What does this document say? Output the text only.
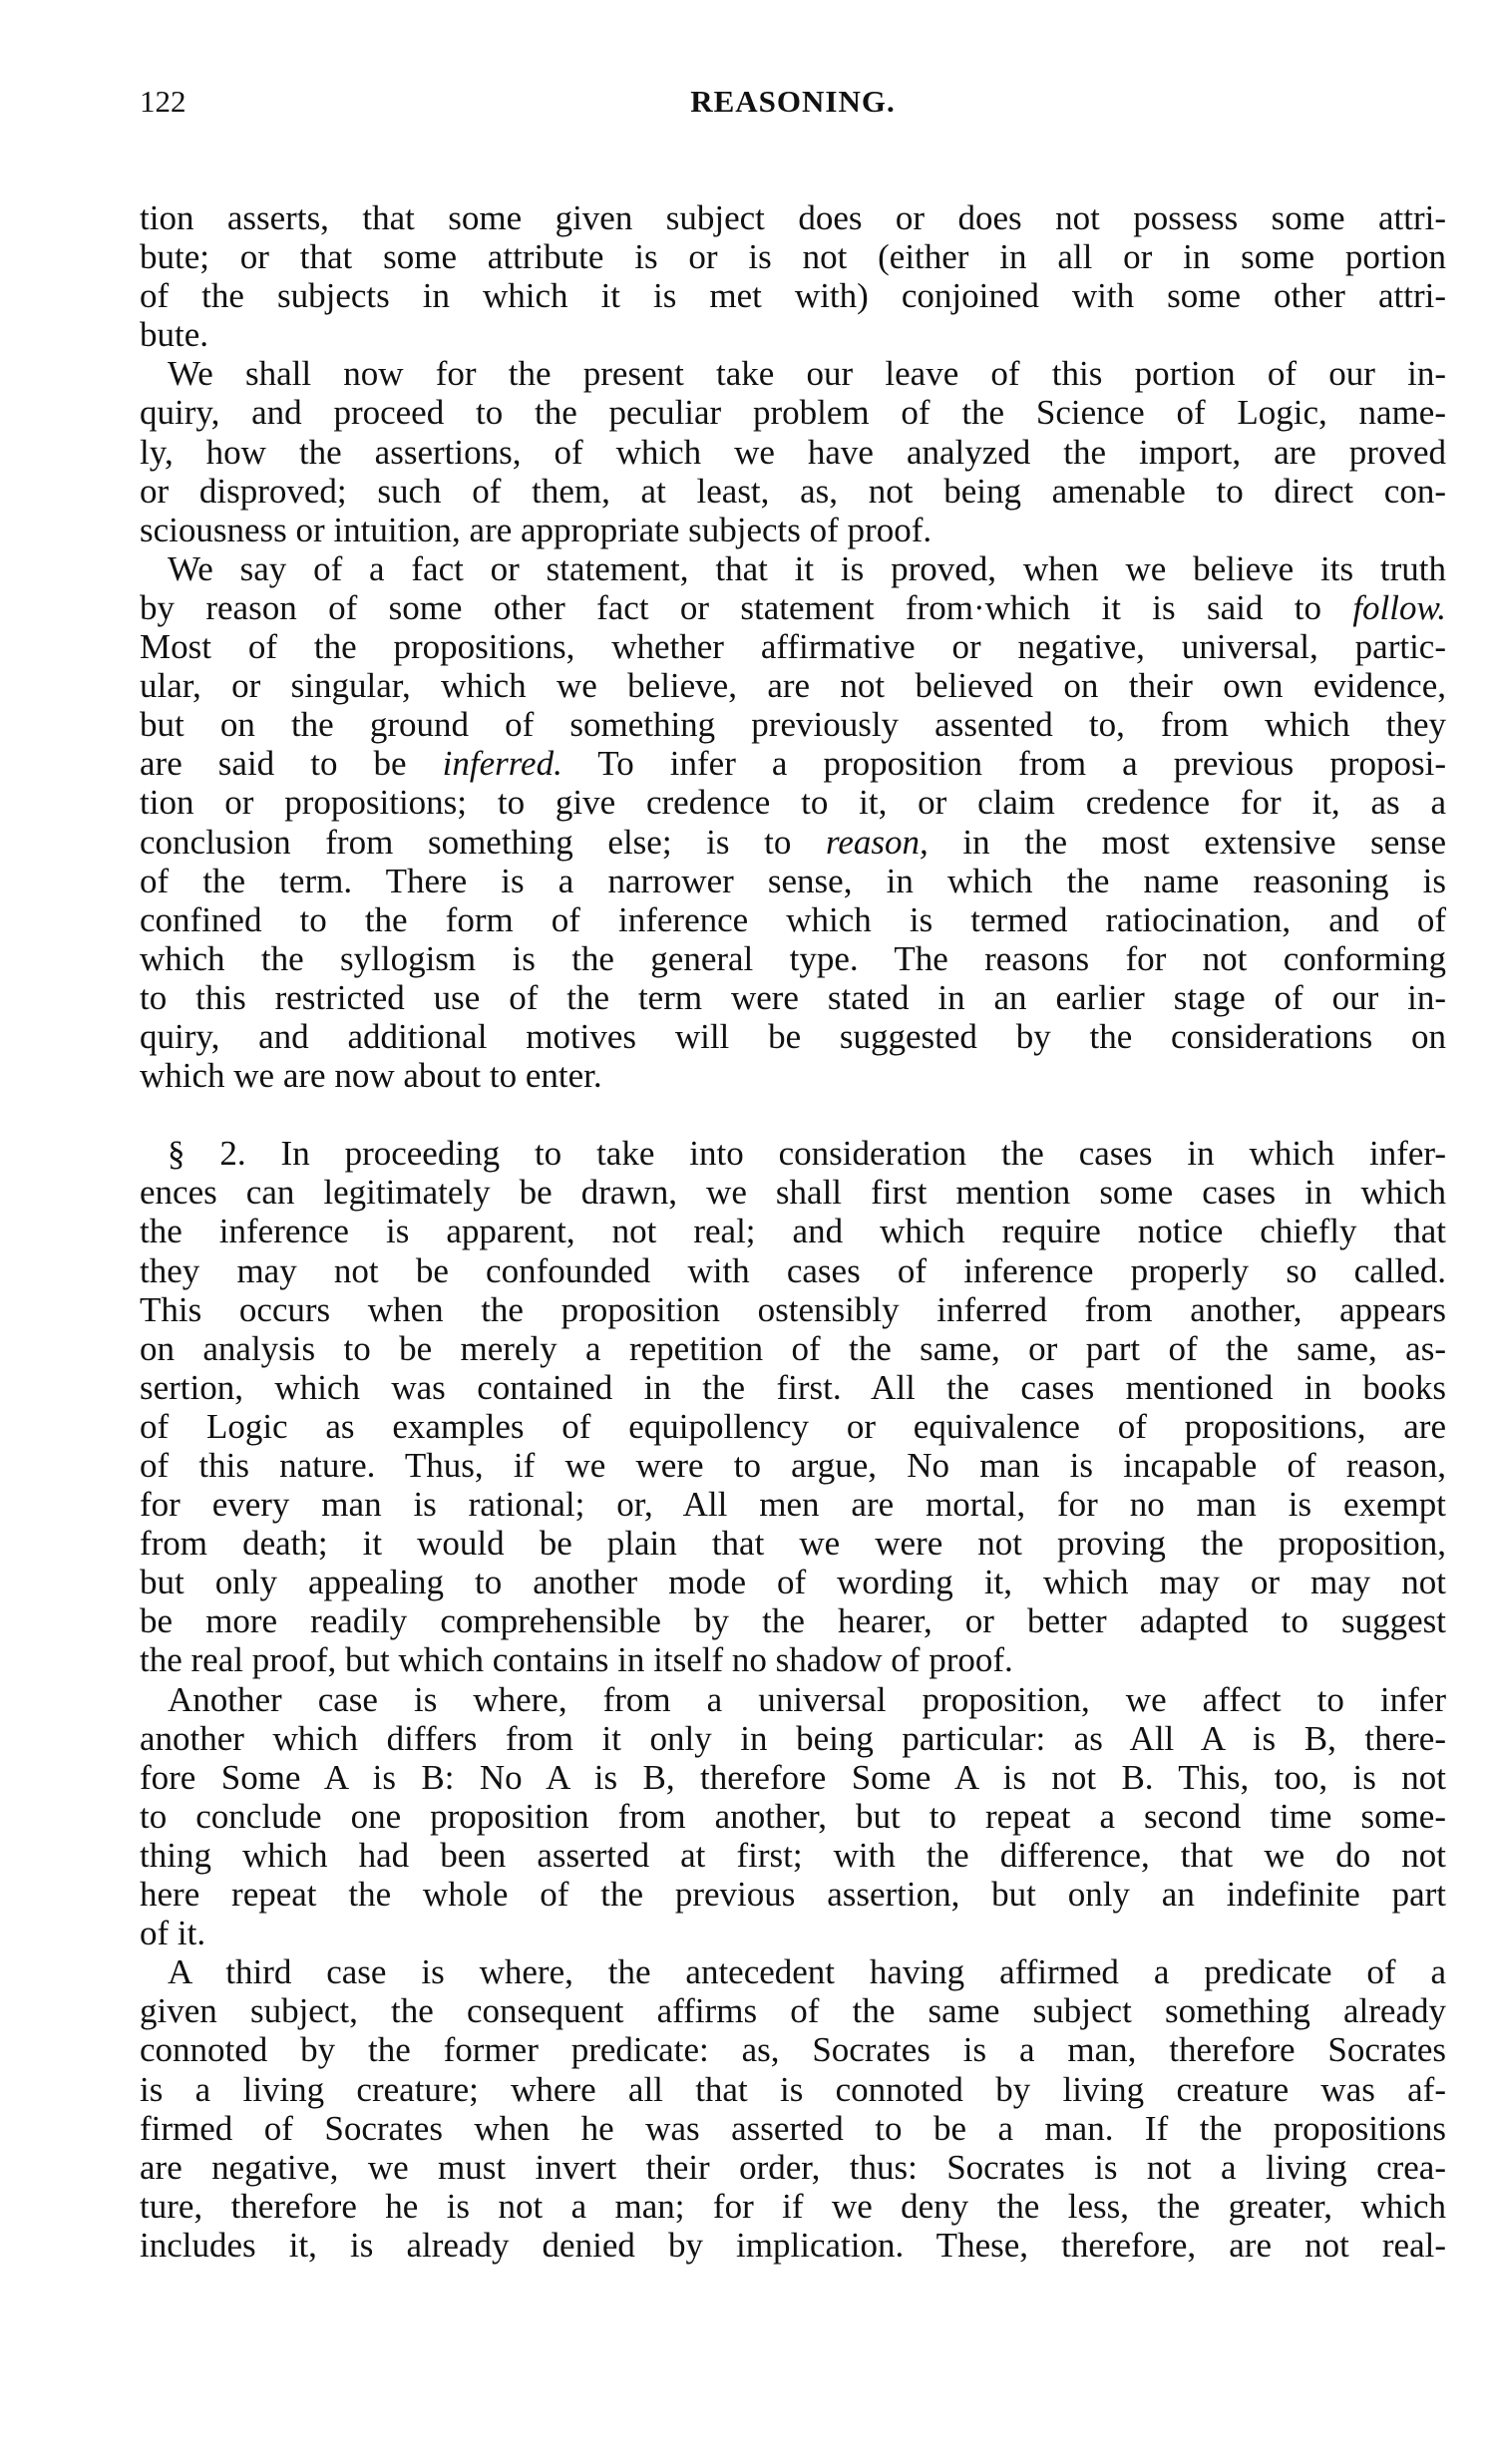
122	REASONING.
tion asserts, that some given subject does or does not possess some attri-
bute; or that some attribute is or is not (either in all or in some portion
of the subjects in which it is met with) conjoined with some other attri-
bute.
We shall now for the present take our leave of this portion of our in-
quiry, and proceed to the peculiar problem of the Science of Logic, name-
ly, how the assertions, of which we have analyzed the import, are proved
or disproved; such of them, at least, as, not being amenable to direct con-
sciousness or intuition, are appropriate subjects of proof.
We say of a fact or statement, that it is proved, when we believe its truth
by reason of some other fact or statement from·which it is said to follow.
Most of the propositions, whether affirmative or negative, universal, partic-
ular, or singular, which we believe, are not believed on their own evidence,
but on the ground of something previously assented to, from which they
are said to be inferred. To infer a proposition from a previous proposi-
tion or propositions; to give credence to it, or claim credence for it, as a
conclusion from something else; is to reason, in the most extensive sense
of the term. There is a narrower sense, in which the name reasoning is
confined to the form of inference which is termed ratiocination, and of
which the syllogism is the general type. The reasons for not conforming
to this restricted use of the term were stated in an earlier stage of our in-
quiry, and additional motives will be suggested by the considerations on
which we are now about to enter.
§ 2. In proceeding to take into consideration the cases in which infer-
ences can legitimately be drawn, we shall first mention some cases in which
the inference is apparent, not real; and which require notice chiefly that
they may not be confounded with cases of inference properly so called.
This occurs when the proposition ostensibly inferred from another, appears
on analysis to be merely a repetition of the same, or part of the same, as-
sertion, which was contained in the first. All the cases mentioned in books
of Logic as examples of equipollency or equivalence of propositions, are
of this nature. Thus, if we were to argue, No man is incapable of reason,
for every man is rational; or, All men are mortal, for no man is exempt
from death; it would be plain that we were not proving the proposition,
but only appealing to another mode of wording it, which may or may not
be more readily comprehensible by the hearer, or better adapted to suggest
the real proof, but which contains in itself no shadow of proof.
Another case is where, from a universal proposition, we affect to infer
another which differs from it only in being particular: as All A is B, there-
fore Some A is B: No A is B, therefore Some A is not B. This, too, is not
to conclude one proposition from another, but to repeat a second time some-
thing which had been asserted at first; with the difference, that we do not
here repeat the whole of the previous assertion, but only an indefinite part
of it.
A third case is where, the antecedent having affirmed a predicate of a
given subject, the consequent affirms of the same subject something already
connoted by the former predicate: as, Socrates is a man, therefore Socrates
is a living creature; where all that is connoted by living creature was af-
firmed of Socrates when he was asserted to be a man. If the propositions
are negative, we must invert their order, thus: Socrates is not a living crea-
ture, therefore he is not a man; for if we deny the less, the greater, which
includes it, is already denied by implication. These, therefore, are not real-
